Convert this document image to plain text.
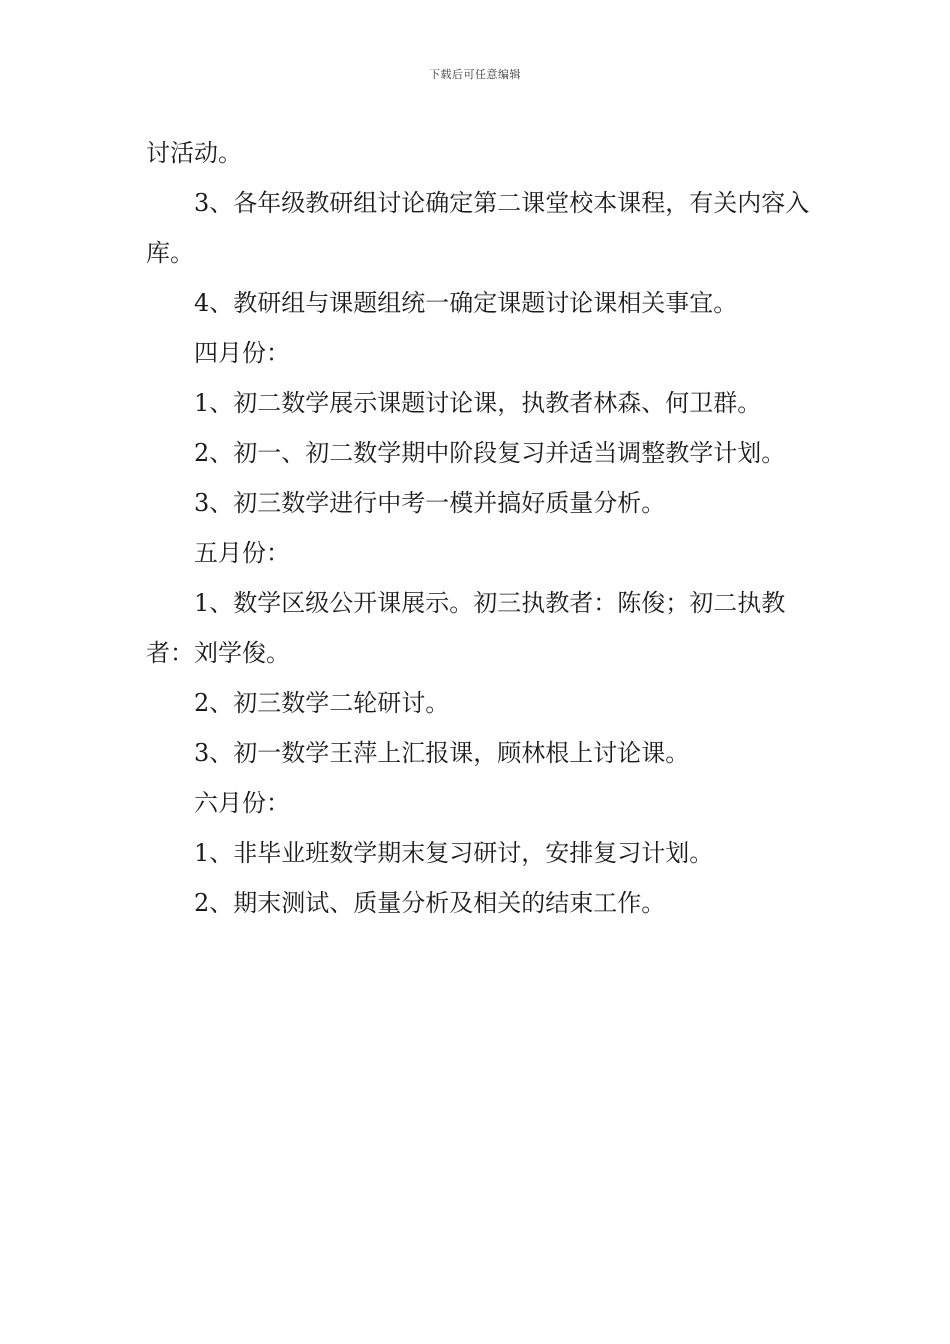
下载后可任意编辑

讨活动。

3、各年级教研组讨论确定第二课堂校本课程，有关内容入库。

4、教研组与课题组统一确定课题讨论课相关事宜。

四月份：

1、初二数学展示课题讨论课，执教者林森、何卫群。

2、初一、初二数学期中阶段复习并适当调整教学计划。

3、初三数学进行中考一模并搞好质量分析。

五月份：

1、数学区级公开课展示。初三执教者：陈俊；初二执教者：刘学俊。

2、初三数学二轮研讨。

3、初一数学王萍上汇报课，顾林根上讨论课。

六月份：

1、非毕业班数学期末复习研讨，安排复习计划。

2、期末测试、质量分析及相关的结束工作。
